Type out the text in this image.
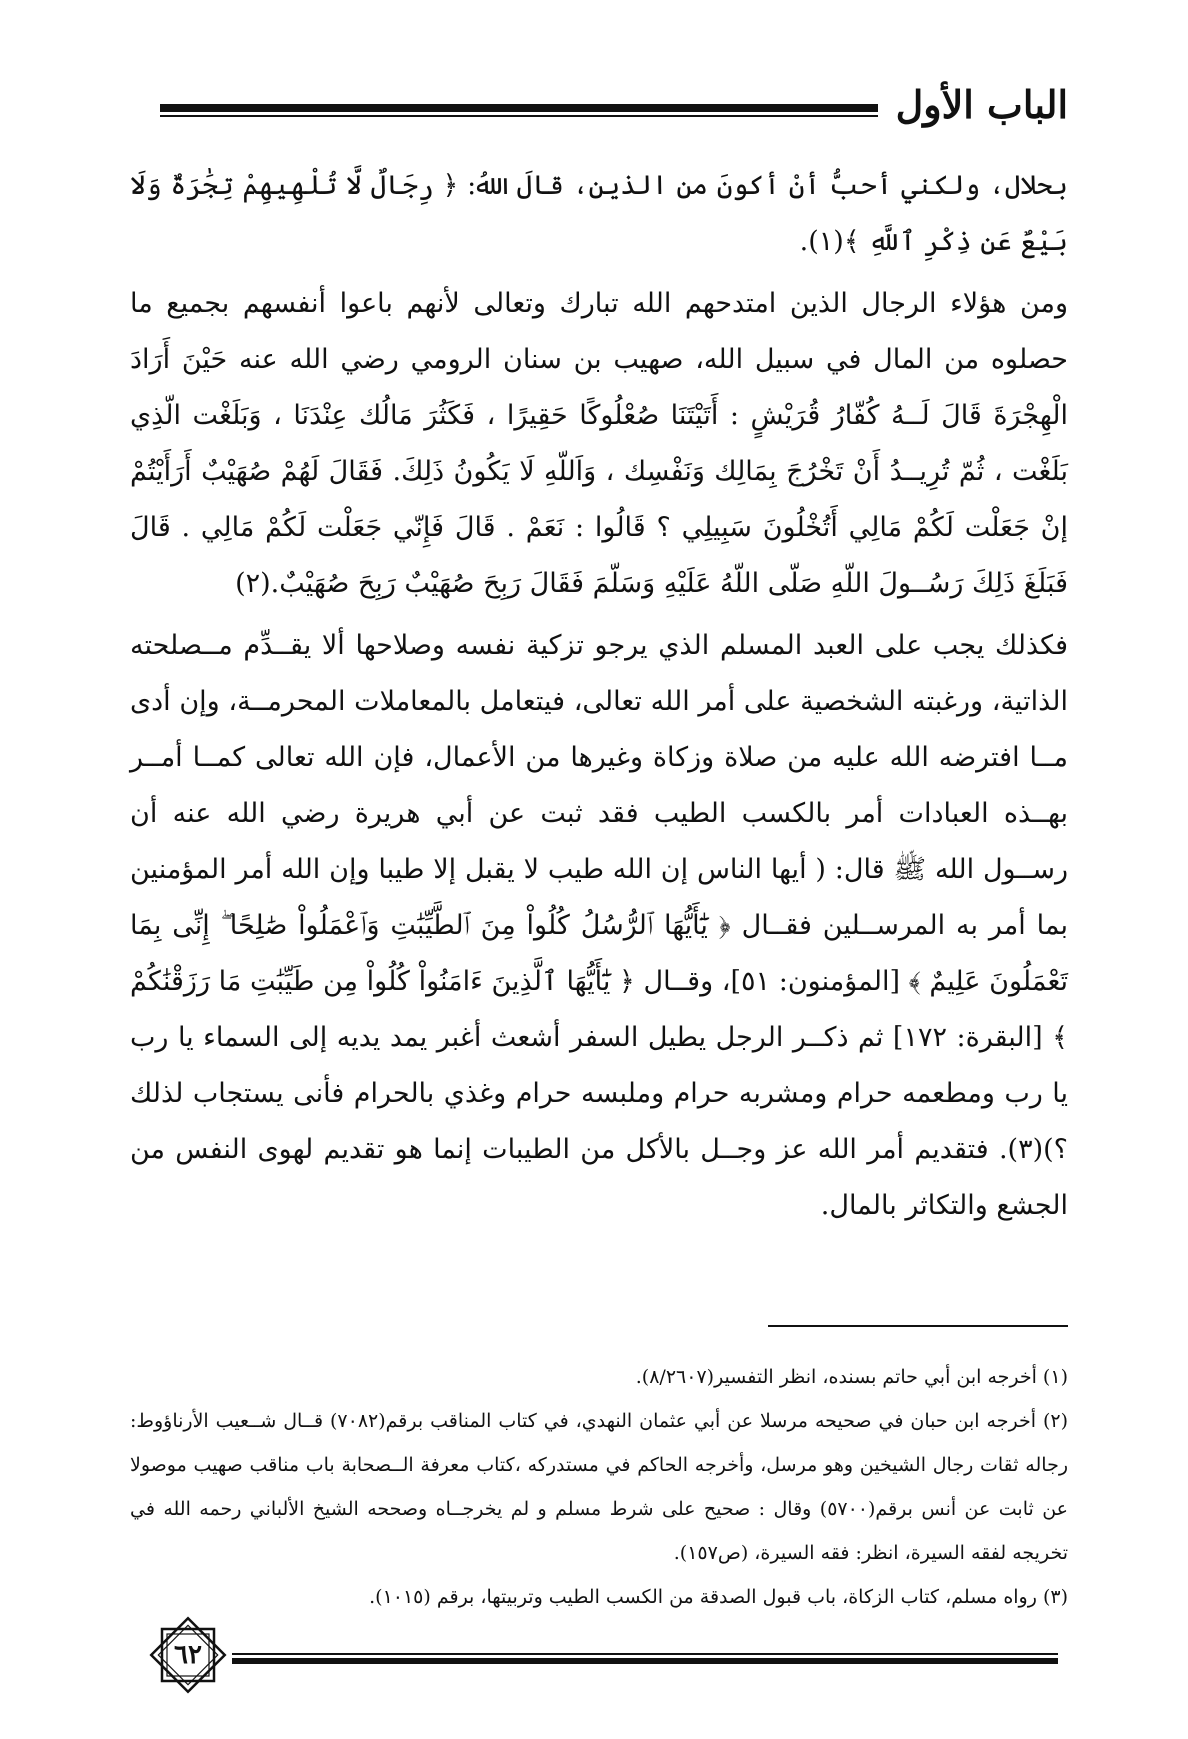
الباب الأول

بحلال، ولكني أحبُّ أنْ أكونَ من الذين، قالَ اللهُ: ﴿ رِجَالٌ لَّا تُلْهِيهِمْ تِجَٰرَةٌ وَلَا بَيْعٌ عَن ذِكْرِ ٱللَّهِ ﴾(١).

ومن هؤلاء الرجال الذين امتدحهم الله تبارك وتعالى لأنهم باعوا أنفسهم بجميع ما حصلوه من المال في سبيل الله، صهيب بن سنان الرومي رضي الله عنه حَيْنَ أَرَادَ الْهِجْرَةَ قَالَ لَــهُ كُفّارُ قُرَيْشٍ : أَتَيْتَنَا صُعْلُوكًا حَقِيرًا ، فَكَثُرَ مَالُك عِنْدَنَا ، وَبَلَغْت الّذِي بَلَغْت ، ثُمّ تُرِيــدُ أَنْ تَخْرُجَ بِمَالِك وَنَفْسِك ، وَاَللّهِ لَا يَكُونُ ذَلِكَ. فَقَالَ لَهُمْ صُهَيْبٌ أَرَأَيْتُمْ إنْ جَعَلْت لَكُمْ مَالِي أَتُخْلُونَ سَبِيلِي ؟ قَالُوا : نَعَمْ . قَالَ فَإِنّي جَعَلْت لَكُمْ مَالِي . قَالَ فَبَلَغَ ذَلِكَ رَسُــولَ اللّهِ صَلّى اللّهُ عَلَيْهِ وَسَلّمَ فَقَالَ رَبِحَ صُهَيْبٌ رَبِحَ صُهَيْبٌ.(٢)

فكذلك يجب على العبد المسلم الذي يرجو تزكية نفسه وصلاحها ألا يقــدِّم مــصلحته الذاتية، ورغبته الشخصية على أمر الله تعالى، فيتعامل بالمعاملات المحرمــة، وإن أدى مــا افترضه الله عليه من صلاة وزكاة وغيرها من الأعمال، فإن الله تعالى كمــا أمــر بهــذه العبادات أمر بالكسب الطيب فقد ثبت عن أبي هريرة رضي الله عنه أن رســول الله ﷺ قال: ( أيها الناس إن الله طيب لا يقبل إلا طيبا وإن الله أمر المؤمنين بما أمر به المرســلين فقــال ﴿ يَٰٓأَيُّهَا ٱلرُّسُلُ كُلُواْ مِنَ ٱلطَّيِّبَٰتِ وَٱعْمَلُواْ صَٰلِحًا ۖ إِنِّى بِمَا تَعْمَلُونَ عَلِيمٌ ﴾ [المؤمنون: ٥١]، وقــال ﴿ يَٰٓأَيُّهَا ٱلَّذِينَ ءَامَنُواْ كُلُواْ مِن طَيِّبَٰتِ مَا رَزَقْنَٰكُمْ ﴾ [البقرة: ١٧٢] ثم ذكــر الرجل يطيل السفر أشعث أغبر يمد يديه إلى السماء يا رب يا رب ومطعمه حرام ومشربه حرام وملبسه حرام وغذي بالحرام فأنى يستجاب لذلك ؟)(٣). فتقديم أمر الله عز وجــل بالأكل من الطيبات إنما هو تقديم لهوى النفس من الجشع والتكاثر بالمال.

(١) أخرجه ابن أبي حاتم بسنده، انظر التفسير(٨/٢٦٠٧).

(٢) أخرجه ابن حبان في صحيحه مرسلا عن أبي عثمان النهدي، في كتاب المناقب برقم(٧٠٨٢) قــال شــعيب الأرناؤوط: رجاله ثقات رجال الشيخين وهو مرسل، وأخرجه الحاكم في مستدركه ،كتاب معرفة الــصحابة باب مناقب صهيب موصولا عن ثابت عن أنس برقم(٥٧٠٠) وقال : صحيح على شرط مسلم و لم يخرجــاه وصححه الشيخ الألباني رحمه الله في تخريجه لفقه السيرة، انظر: فقه السيرة، (ص١٥٧).

(٣) رواه مسلم، كتاب الزكاة، باب قبول الصدقة من الكسب الطيب وتربيتها، برقم (١٠١٥).

٦٢
